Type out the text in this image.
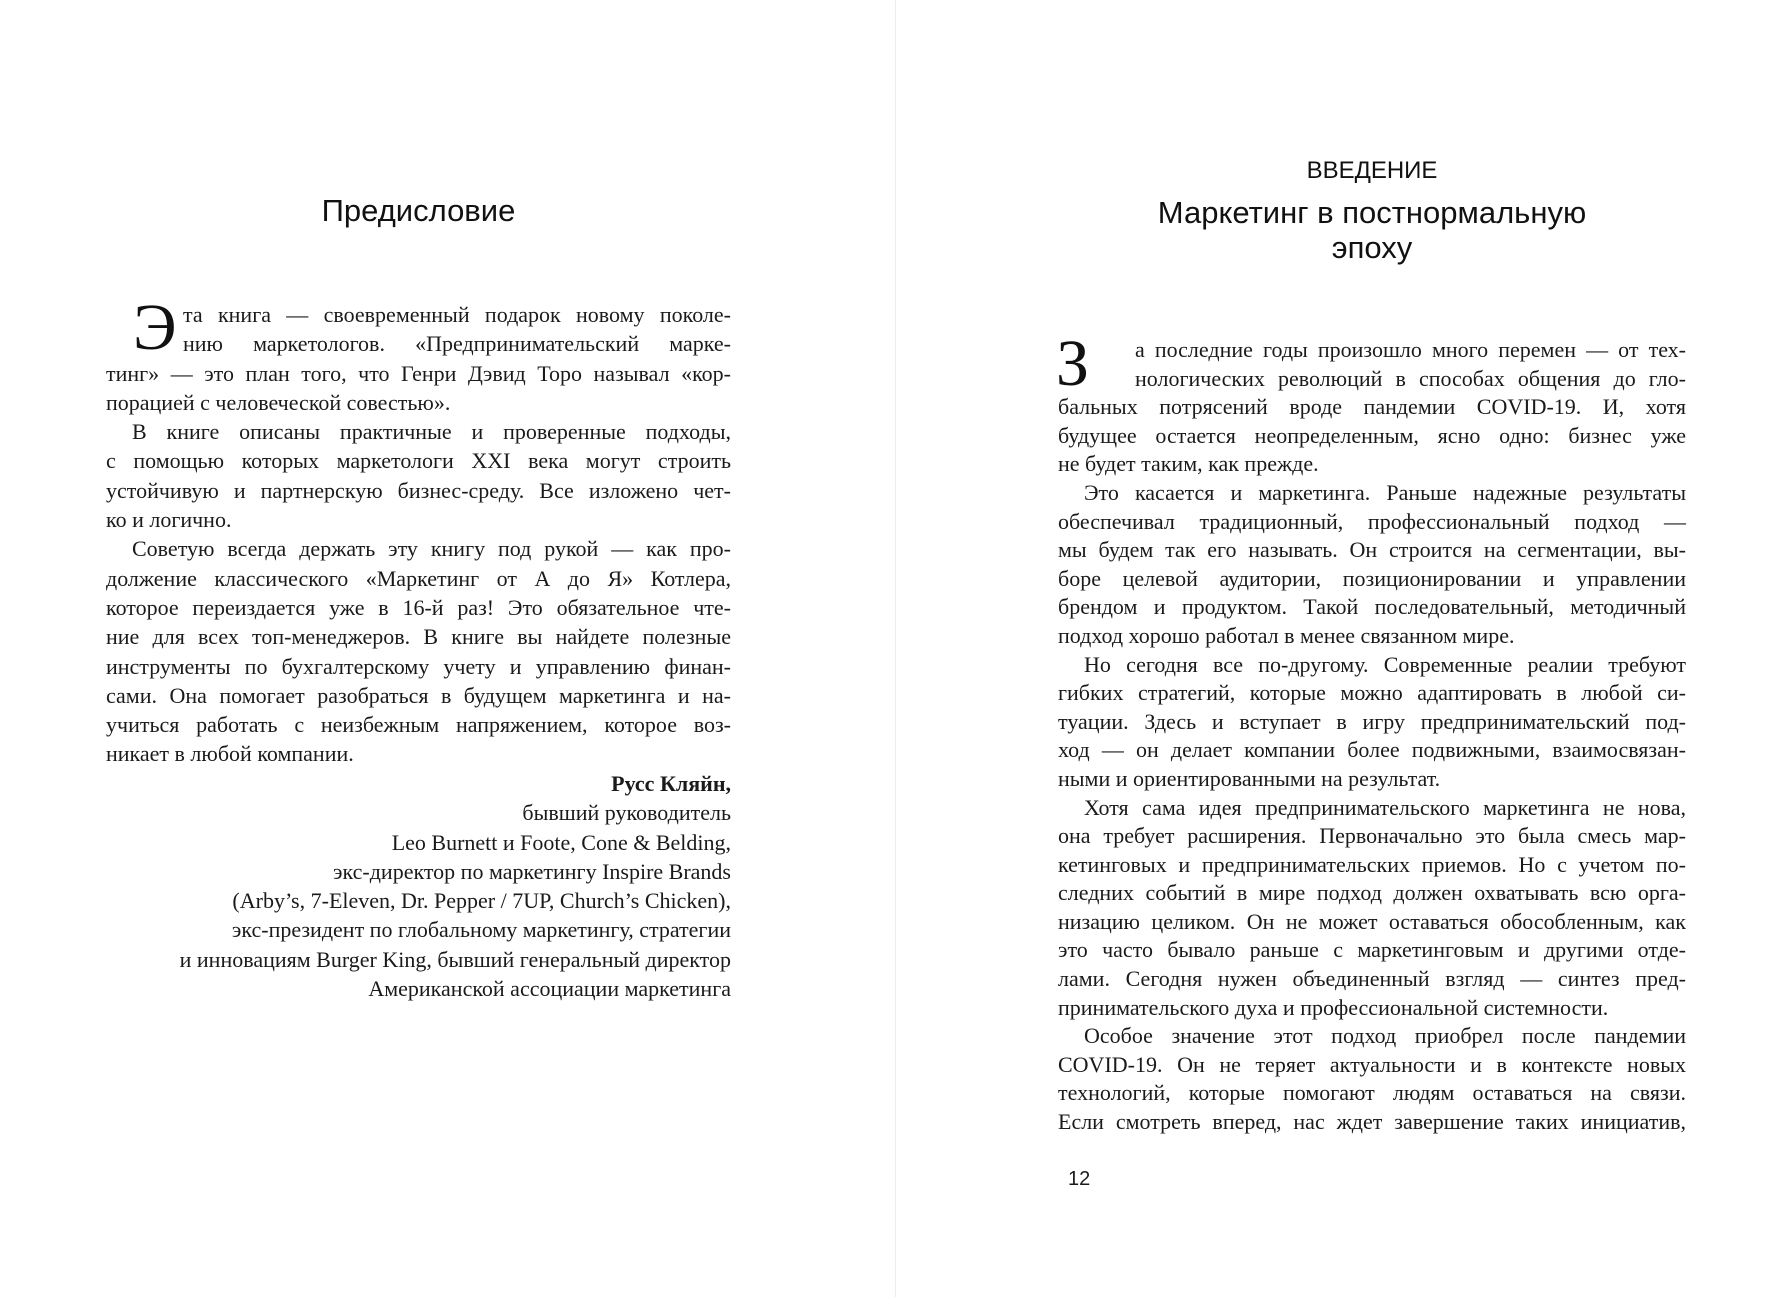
Предисловие
Э та книга — своевременный подарок новому поколе-
нию маркетологов. «Предпринимательский марке-
тинг» — это план того, что Генри Дэвид Торо называл «кор-
порацией с человеческой совестью».
В книге описаны практичные и проверенные подходы,
с помощью которых маркетологи XXI века могут строить
устойчивую и партнерскую бизнес-среду. Все изложено чет-
ко и логично.
Советую всегда держать эту книгу под рукой — как про-
должение классического «Маркетинг от А до Я» Котлера,
которое переиздается уже в 16-й раз! Это обязательное чте-
ние для всех топ-менеджеров. В книге вы найдете полезные
инструменты по бухгалтерскому учету и управлению финан-
сами. Она помогает разобраться в будущем маркетинга и на-
учиться работать с неизбежным напряжением, которое воз-
никает в любой компании.
Русс Кляйн,
бывший руководитель
Leo Burnett и Foote, Cone & Belding,
экс-директор по маркетингу Inspire Brands
(Arby’s, 7-Eleven, Dr. Pepper / 7UP, Church’s Chicken),
экс-президент по глобальному маркетингу, стратегии
и инновациям Burger King, бывший генеральный директор
Американской ассоциации маркетинга
ВВЕДЕНИЕ
Маркетинг в постнормальную
эпоху
З	а последние годы произошло много перемен — от тех-
нологических революций в способах общения до гло-
бальных потрясений вроде пандемии COVID-19. И, хотя
будущее остается неопределенным, ясно одно: бизнес уже
не будет таким, как прежде.
Это касается и маркетинга. Раньше надежные результаты
обеспечивал традиционный, профессиональный подход —
мы будем так его называть. Он строится на сегментации, вы-
боре целевой аудитории, позиционировании и управлении
брендом и продуктом. Такой последовательный, методичный
подход хорошо работал в менее связанном мире.
Но сегодня все по-другому. Современные реалии требуют
гибких стратегий, которые можно адаптировать в любой си-
туации. Здесь и вступает в игру предпринимательский под-
ход — он делает компании более подвижными, взаимосвязан-
ными и ориентированными на результат.
Хотя сама идея предпринимательского маркетинга не нова,
она требует расширения. Первоначально это была смесь мар-
кетинговых и предпринимательских приемов. Но с учетом по-
следних событий в мире подход должен охватывать всю орга-
низацию целиком. Он не может оставаться обособленным, как
это часто бывало раньше с маркетинговым и другими отде-
лами. Сегодня нужен объединенный взгляд — синтез пред-
принимательского духа и профессиональной системности.
Особое значение этот подход приобрел после пандемии
COVID-19. Он не теряет актуальности и в контексте новых
технологий, которые помогают людям оставаться на связи.
Если смотреть вперед, нас ждет завершение таких инициатив,
12
